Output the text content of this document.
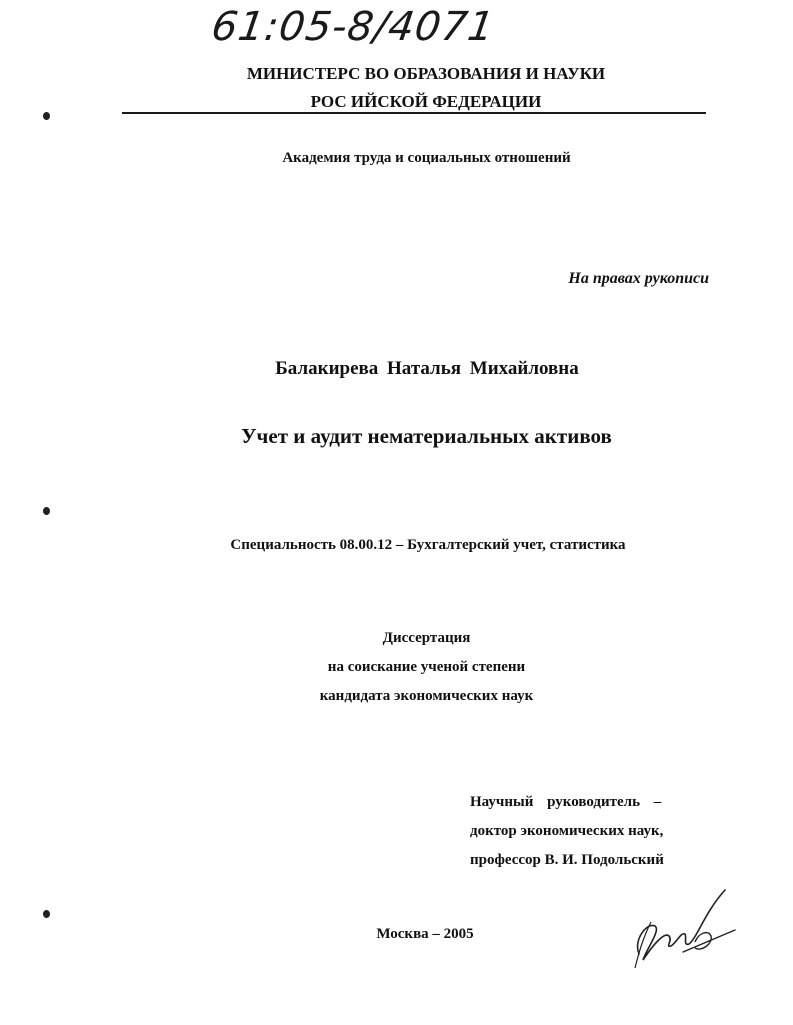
61:05-8/4071
МИНИСТЕРС ВО ОБРАЗОВАНИЯ И НАУКИ
РОС ИЙСКОЙ ФЕДЕРАЦИИ
Академия труда и социальных отношений
На правах рукописи
Балакирева Наталья Михайловна
Учет и аудит нематериальных активов
Специальность 08.00.12 – Бухгалтерский учет, статистика
Диссертация
на соискание ученой степени
кандидата экономических наук
Научный руководитель –
доктор экономических наук,
профессор В. И. Подольский
Москва – 2005
